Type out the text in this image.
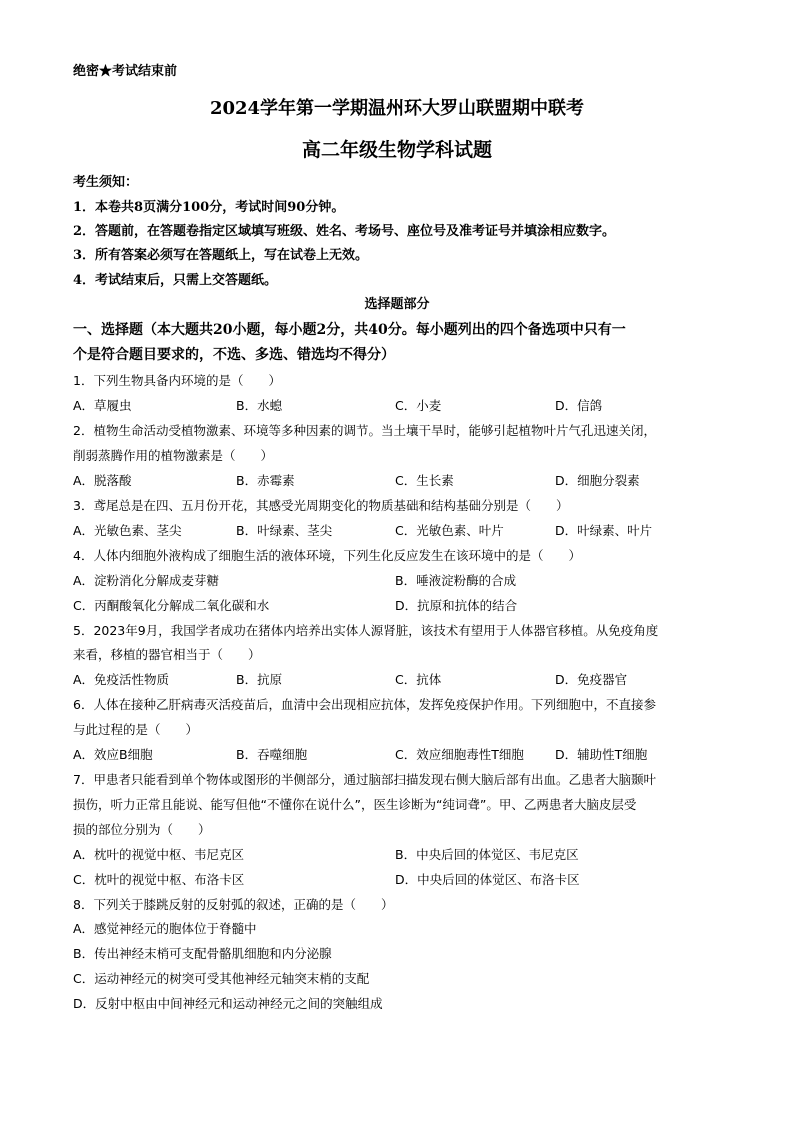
绝密★考试结束前
2024学年第一学期温州环大罗山联盟期中联考
高二年级生物学科试题
考生须知：
1．本卷共8页满分100分，考试时间90分钟。
2．答题前，在答题卷指定区域填写班级、姓名、考场号、座位号及准考证号并填涂相应数字。
3．所有答案必须写在答题纸上，写在试卷上无效。
4．考试结束后，只需上交答题纸。
选择题部分
一、选择题（本大题共20小题，每小题2分，共40分。每小题列出的四个备选项中只有一
个是符合题目要求的，不选、多选、错选均不得分）
1．下列生物具备内环境的是（　　）
A．草履虫	B．水螅	C．小麦	D．信鸽
2．植物生命活动受植物激素、环境等多种因素的调节。当土壤干旱时，能够引起植物叶片气孔迅速关闭，
削弱蒸腾作用的植物激素是（　　）
A．脱落酸	B．赤霉素	C．生长素	D．细胞分裂素
3．鸢尾总是在四、五月份开花，其感受光周期变化的物质基础和结构基础分别是（　　）
A．光敏色素、茎尖	B．叶绿素、茎尖	C．光敏色素、叶片	D．叶绿素、叶片
4．人体内细胞外液构成了细胞生活的液体环境，下列生化反应发生在该环境中的是（　　）
A．淀粉消化分解成麦芽糖	B．唾液淀粉酶的合成
C．丙酮酸氧化分解成二氧化碳和水	D．抗原和抗体的结合
5．2023年9月，我国学者成功在猪体内培养出实体人源肾脏，该技术有望用于人体器官移植。从免疫角度
来看，移植的器官相当于（　　）
A．免疫活性物质	B．抗原	C．抗体	D．免疫器官
6．人体在接种乙肝病毒灭活疫苗后，血清中会出现相应抗体，发挥免疫保护作用。下列细胞中，不直接参
与此过程的是（　　）
A．效应B细胞	B．吞噬细胞	C．效应细胞毒性T细胞 D．辅助性T细胞
7．甲患者只能看到单个物体或图形的半侧部分，通过脑部扫描发现右侧大脑后部有出血。乙患者大脑颞叶
损伤，听力正常且能说、能写但他“不懂你在说什么”，医生诊断为“纯词聋”。甲、乙两患者大脑皮层受
损的部位分别为（　　）
A．枕叶的视觉中枢、韦尼克区	B．中央后回的体觉区、韦尼克区
C．枕叶的视觉中枢、布洛卡区	D．中央后回的体觉区、布洛卡区
8．下列关于膝跳反射的反射弧的叙述，正确的是（　　）
A．感觉神经元的胞体位于脊髓中
B．传出神经末梢可支配骨骼肌细胞和内分泌腺
C．运动神经元的树突可受其他神经元轴突末梢的支配
D．反射中枢由中间神经元和运动神经元之间的突触组成
